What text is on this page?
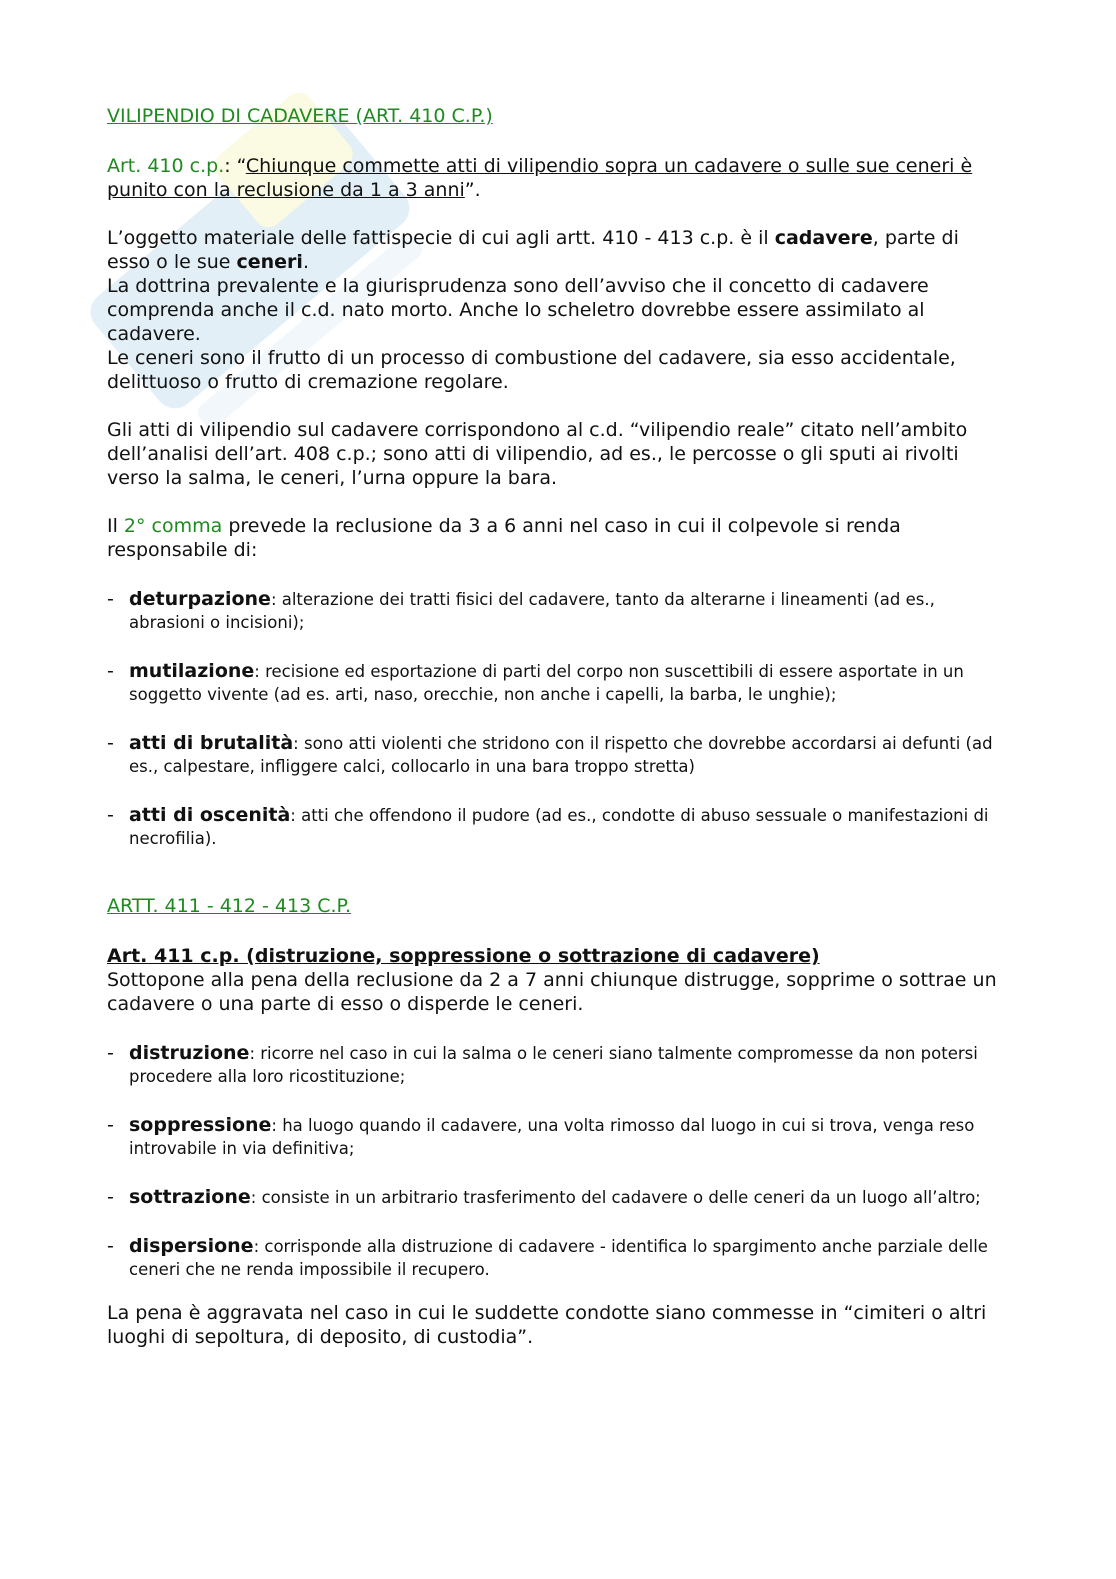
VILIPENDIO DI CADAVERE (ART. 410 C.P.)

Art. 410 c.p.: “Chiunque commette atti di vilipendio sopra un cadavere o sulle sue ceneri è punito con la reclusione da 1 a 3 anni”.

L’oggetto materiale delle fattispecie di cui agli artt. 410 - 413 c.p. è il cadavere, parte di esso o le sue ceneri.

La dottrina prevalente e la giurisprudenza sono dell’avviso che il concetto di cadavere comprenda anche il c.d. nato morto. Anche lo scheletro dovrebbe essere assimilato al cadavere.

Le ceneri sono il frutto di un processo di combustione del cadavere, sia esso accidentale, delittuoso o frutto di cremazione regolare.

Gli atti di vilipendio sul cadavere corrispondono al c.d. “vilipendio reale” citato nell’ambito dell’analisi dell’art. 408 c.p.; sono atti di vilipendio, ad es., le percosse o gli sputi ai rivolti verso la salma, le ceneri, l’urna oppure la bara.

Il 2° comma prevede la reclusione da 3 a 6 anni nel caso in cui il colpevole si renda responsabile di:

- deturpazione: alterazione dei tratti fisici del cadavere, tanto da alterarne i lineamenti (ad es., abrasioni o incisioni);
- mutilazione: recisione ed esportazione di parti del corpo non suscettibili di essere asportate in un soggetto vivente (ad es. arti, naso, orecchie, non anche i capelli, la barba, le unghie);
- atti di brutalità: sono atti violenti che stridono con il rispetto che dovrebbe accordarsi ai defunti (ad es., calpestare, infliggere calci, collocarlo in una bara troppo stretta)
- atti di oscenità: atti che offendono il pudore (ad es., condotte di abuso sessuale o manifestazioni di necrofilia).

ARTT. 411 - 412 - 413 C.P.

Art. 411 c.p. (distruzione, soppressione o sottrazione di cadavere)

Sottopone alla pena della reclusione da 2 a 7 anni chiunque distrugge, sopprime o sottrae un cadavere o una parte di esso o disperde le ceneri.

- distruzione: ricorre nel caso in cui la salma o le ceneri siano talmente compromesse da non potersi procedere alla loro ricostituzione;
- soppressione: ha luogo quando il cadavere, una volta rimosso dal luogo in cui si trova, venga reso introvabile in via definitiva;
- sottrazione: consiste in un arbitrario trasferimento del cadavere o delle ceneri da un luogo all’altro;
- dispersione: corrisponde alla distruzione di cadavere - identifica lo spargimento anche parziale delle ceneri che ne renda impossibile il recupero.

La pena è aggravata nel caso in cui le suddette condotte siano commesse in “cimiteri o altri luoghi di sepoltura, di deposito, di custodia”.
